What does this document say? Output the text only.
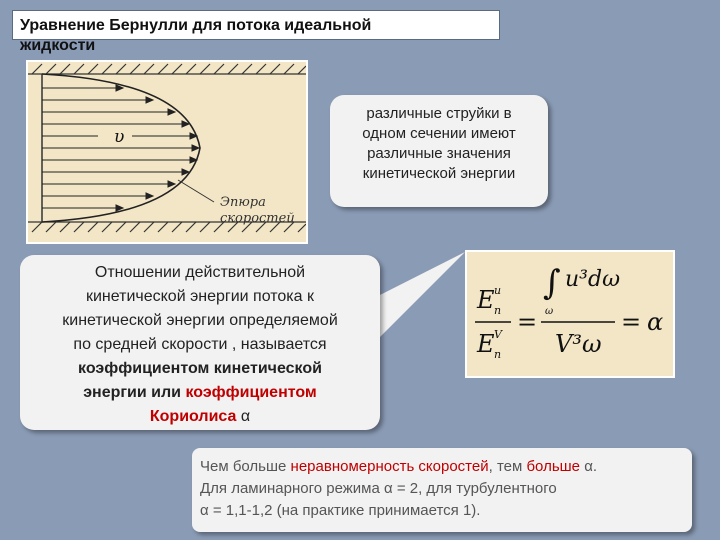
Уравнение Бернулли для потока идеальной
жидкости
υ
Эпюра
скоростей
различные струйки в
одном сечении имеют
различные значения
кинетической энергии
Отношении действительной
кинетической энергии потока к
кинетической энергии определяемой
по средней скорости , называется
коэффициентом кинетической
энергии или коэффициентом
Кориолиса α
E и
п
E V
п
=
∫ u³dω
ω
V³ω
= α
Чем больше неравномерность скоростей, тем больше α.
Для ламинарного режима α = 2, для турбулентного
α = 1,1-1,2 (на практике принимается 1).
